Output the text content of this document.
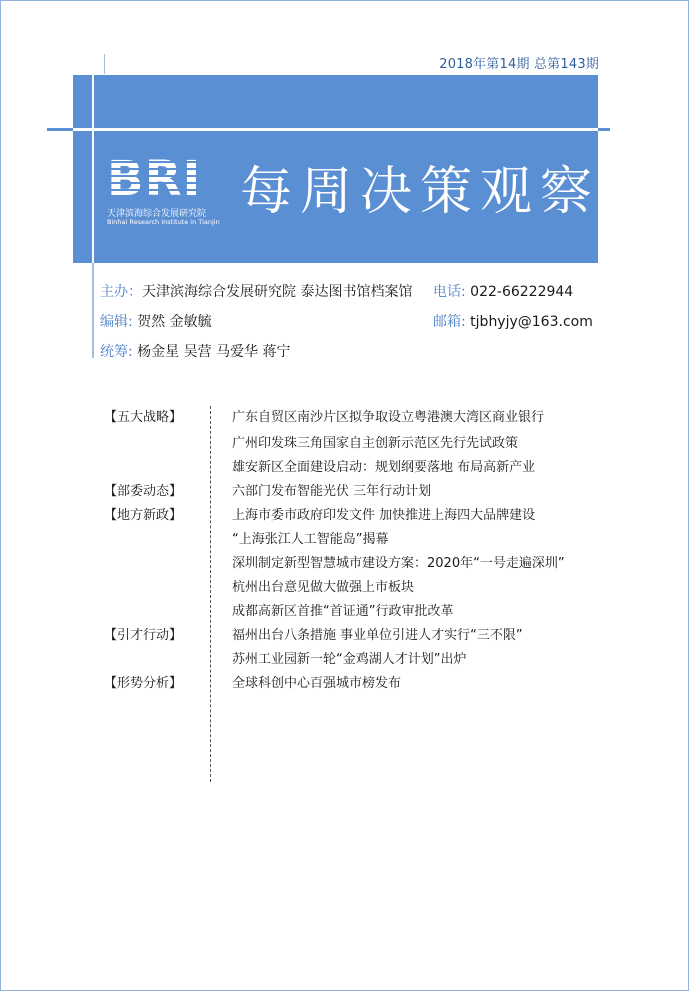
2018年第14期 总第143期
BRI
天津滨海综合发展研究院
Binhai Research Institute in Tianjin 每周决策观察
主办：天津滨海综合发展研究院 泰达图书馆档案馆 电话: 022-66222944
编辑: 贺然 金敏毓	邮箱: tjbhyjy@163.com
统筹: 杨金星 吴营 马爱华 蒋宁
【五大战略】
【部委动态】
【地方新政】
【引才行动】
【形势分析】
广东自贸区南沙片区拟争取设立粤港澳大湾区商业银行
广州印发珠三角国家自主创新示范区先行先试政策
雄安新区全面建设启动：规划纲要落地 布局高新产业
六部门发布智能光伏 三年行动计划
上海市委市政府印发文件 加快推进上海四大品牌建设
“上海张江人工智能岛”揭幕
深圳制定新型智慧城市建设方案：2020年“一号走遍深圳”
杭州出台意见做大做强上市板块
成都高新区首推“首证通”行政审批改革
福州出台八条措施 事业单位引进人才实行“三不限”
苏州工业园新一轮“金鸡湖人才计划”出炉
全球科创中心百强城市榜发布
